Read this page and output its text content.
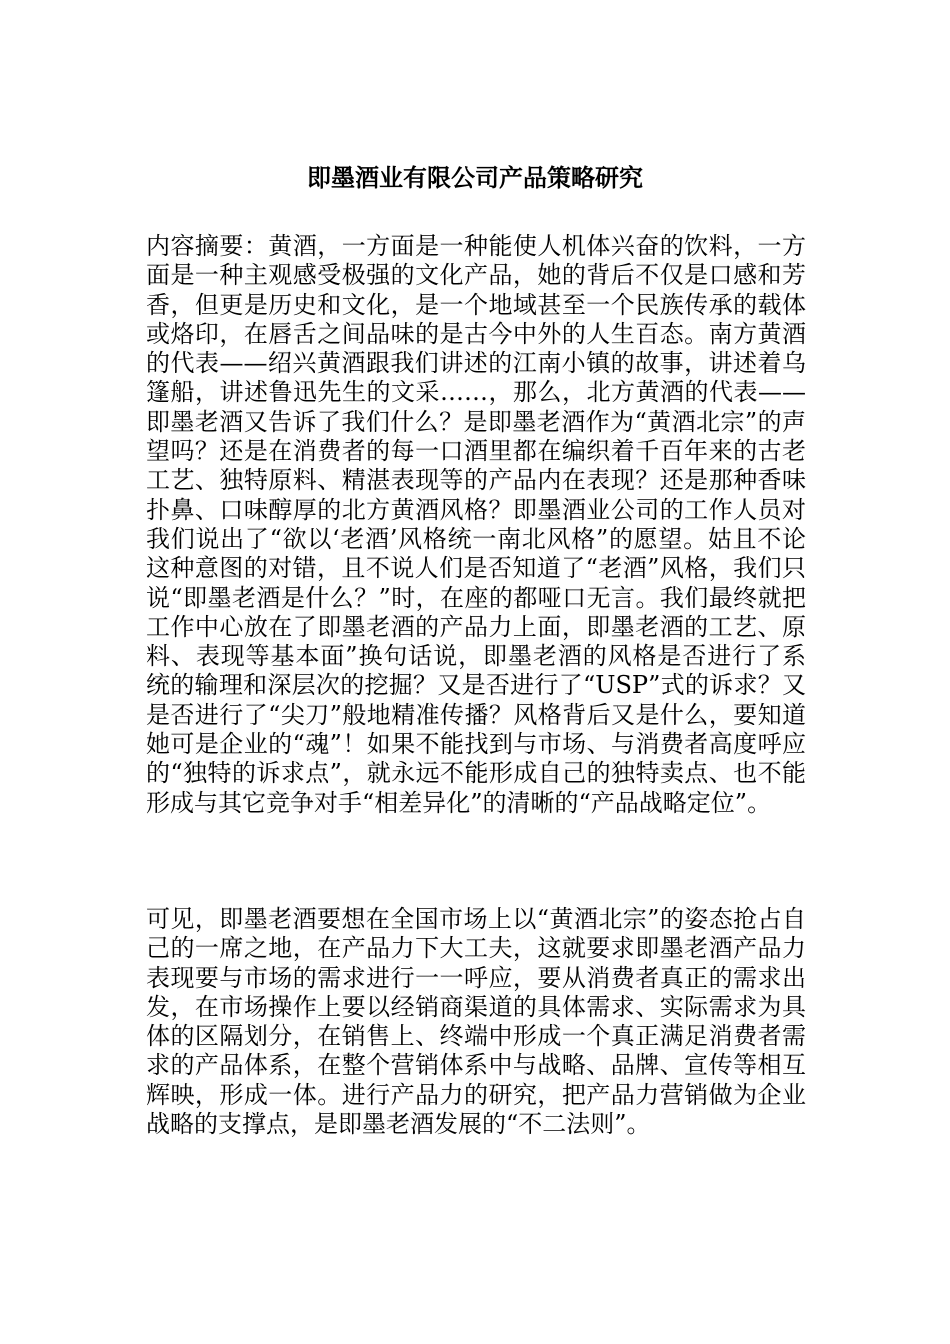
即墨酒业有限公司产品策略研究

内容摘要：黄酒，一方面是一种能使人机体兴奋的饮料，一方面是一种主观感受极强的文化产品，她的背后不仅是口感和芳香，但更是历史和文化，是一个地域甚至一个民族传承的载体或烙印，在唇舌之间品味的是古今中外的人生百态。南方黄酒的代表——绍兴黄酒跟我们讲述的江南小镇的故事，讲述着乌篷船，讲述鲁迅先生的文采……，那么，北方黄酒的代表——即墨老酒又告诉了我们什么？是即墨老酒作为“黄酒北宗”的声望吗？还是在消费者的每一口酒里都在编织着千百年来的古老工艺、独特原料、精湛表现等的产品内在表现？还是那种香味扑鼻、口味醇厚的北方黄酒风格？即墨酒业公司的工作人员对我们说出了“欲以‘老酒’风格统一南北风格”的愿望。姑且不论这种意图的对错，且不说人们是否知道了“老酒”风格，我们只说“即墨老酒是什么？”时，在座的都哑口无言。我们最终就把工作中心放在了即墨老酒的产品力上面，即墨老酒的工艺、原料、表现等基本面”换句话说，即墨老酒的风格是否进行了系统的输理和深层次的挖掘？又是否进行了“USP”式的诉求？又是否进行了“尖刀”般地精准传播？风格背后又是什么，要知道她可是企业的“魂”！如果不能找到与市场、与消费者高度呼应的“独特的诉求点”，就永远不能形成自己的独特卖点、也不能形成与其它竞争对手“相差异化”的清晰的“产品战略定位”。

可见，即墨老酒要想在全国市场上以“黄酒北宗”的姿态抢占自己的一席之地，在产品力下大工夫，这就要求即墨老酒产品力表现要与市场的需求进行一一呼应，要从消费者真正的需求出发，在市场操作上要以经销商渠道的具体需求、实际需求为具体的区隔划分，在销售上、终端中形成一个真正满足消费者需求的产品体系，在整个营销体系中与战略、品牌、宣传等相互辉映，形成一体。进行产品力的研究，把产品力营销做为企业战略的支撑点，是即墨老酒发展的“不二法则”。
